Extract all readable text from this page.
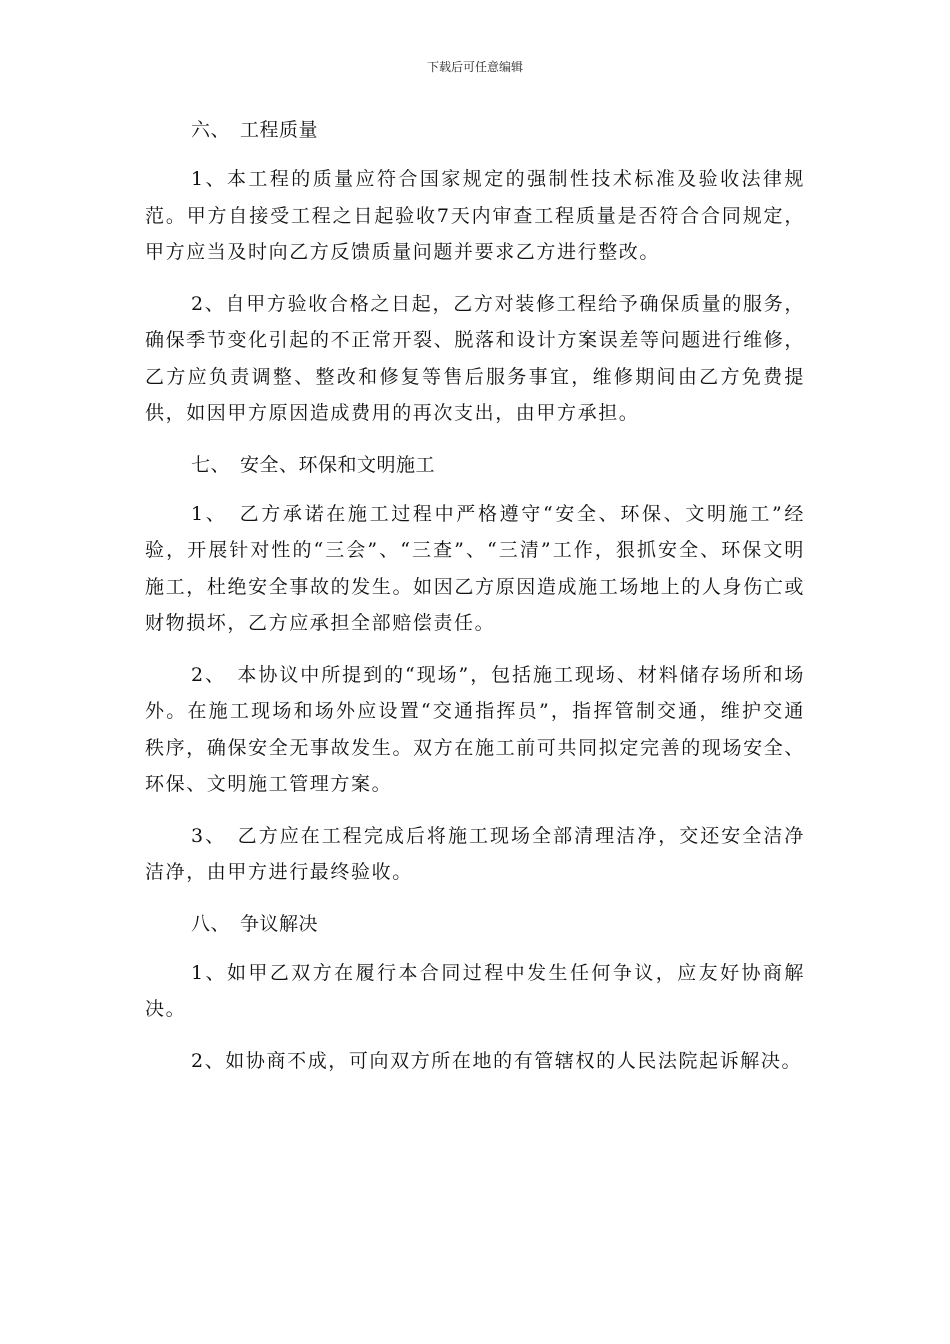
下载后可任意编辑

六、　工程质量

1、本工程的质量应符合国家规定的强制性技术标准及验收法律规范。甲方自接受工程之日起验收7天内审查工程质量是否符合合同规定，甲方应当及时向乙方反馈质量问题并要求乙方进行整改。

2、自甲方验收合格之日起，乙方对装修工程给予确保质量的服务，确保季节变化引起的不正常开裂、脱落和设计方案误差等问题进行维修，乙方应负责调整、整改和修复等售后服务事宜，维修期间由乙方免费提供，如因甲方原因造成费用的再次支出，由甲方承担。

七、　安全、环保和文明施工

1、　乙方承诺在施工过程中严格遵守“安全、环保、文明施工”经验，开展针对性的“三会”、“三查”、“三清”工作，狠抓安全、环保文明施工，杜绝安全事故的发生。如因乙方原因造成施工场地上的人身伤亡或财物损坏，乙方应承担全部赔偿责任。

2、　本协议中所提到的“现场”，包括施工现场、材料储存场所和场外。在施工现场和场外应设置“交通指挥员”，指挥管制交通，维护交通秩序，确保安全无事故发生。双方在施工前可共同拟定完善的现场安全、环保、文明施工管理方案。

3、　乙方应在工程完成后将施工现场全部清理洁净，交还安全洁净洁净，由甲方进行最终验收。

八、　争议解决

1、如甲乙双方在履行本合同过程中发生任何争议，应友好协商解决。

2、如协商不成，可向双方所在地的有管辖权的人民法院起诉解决。
